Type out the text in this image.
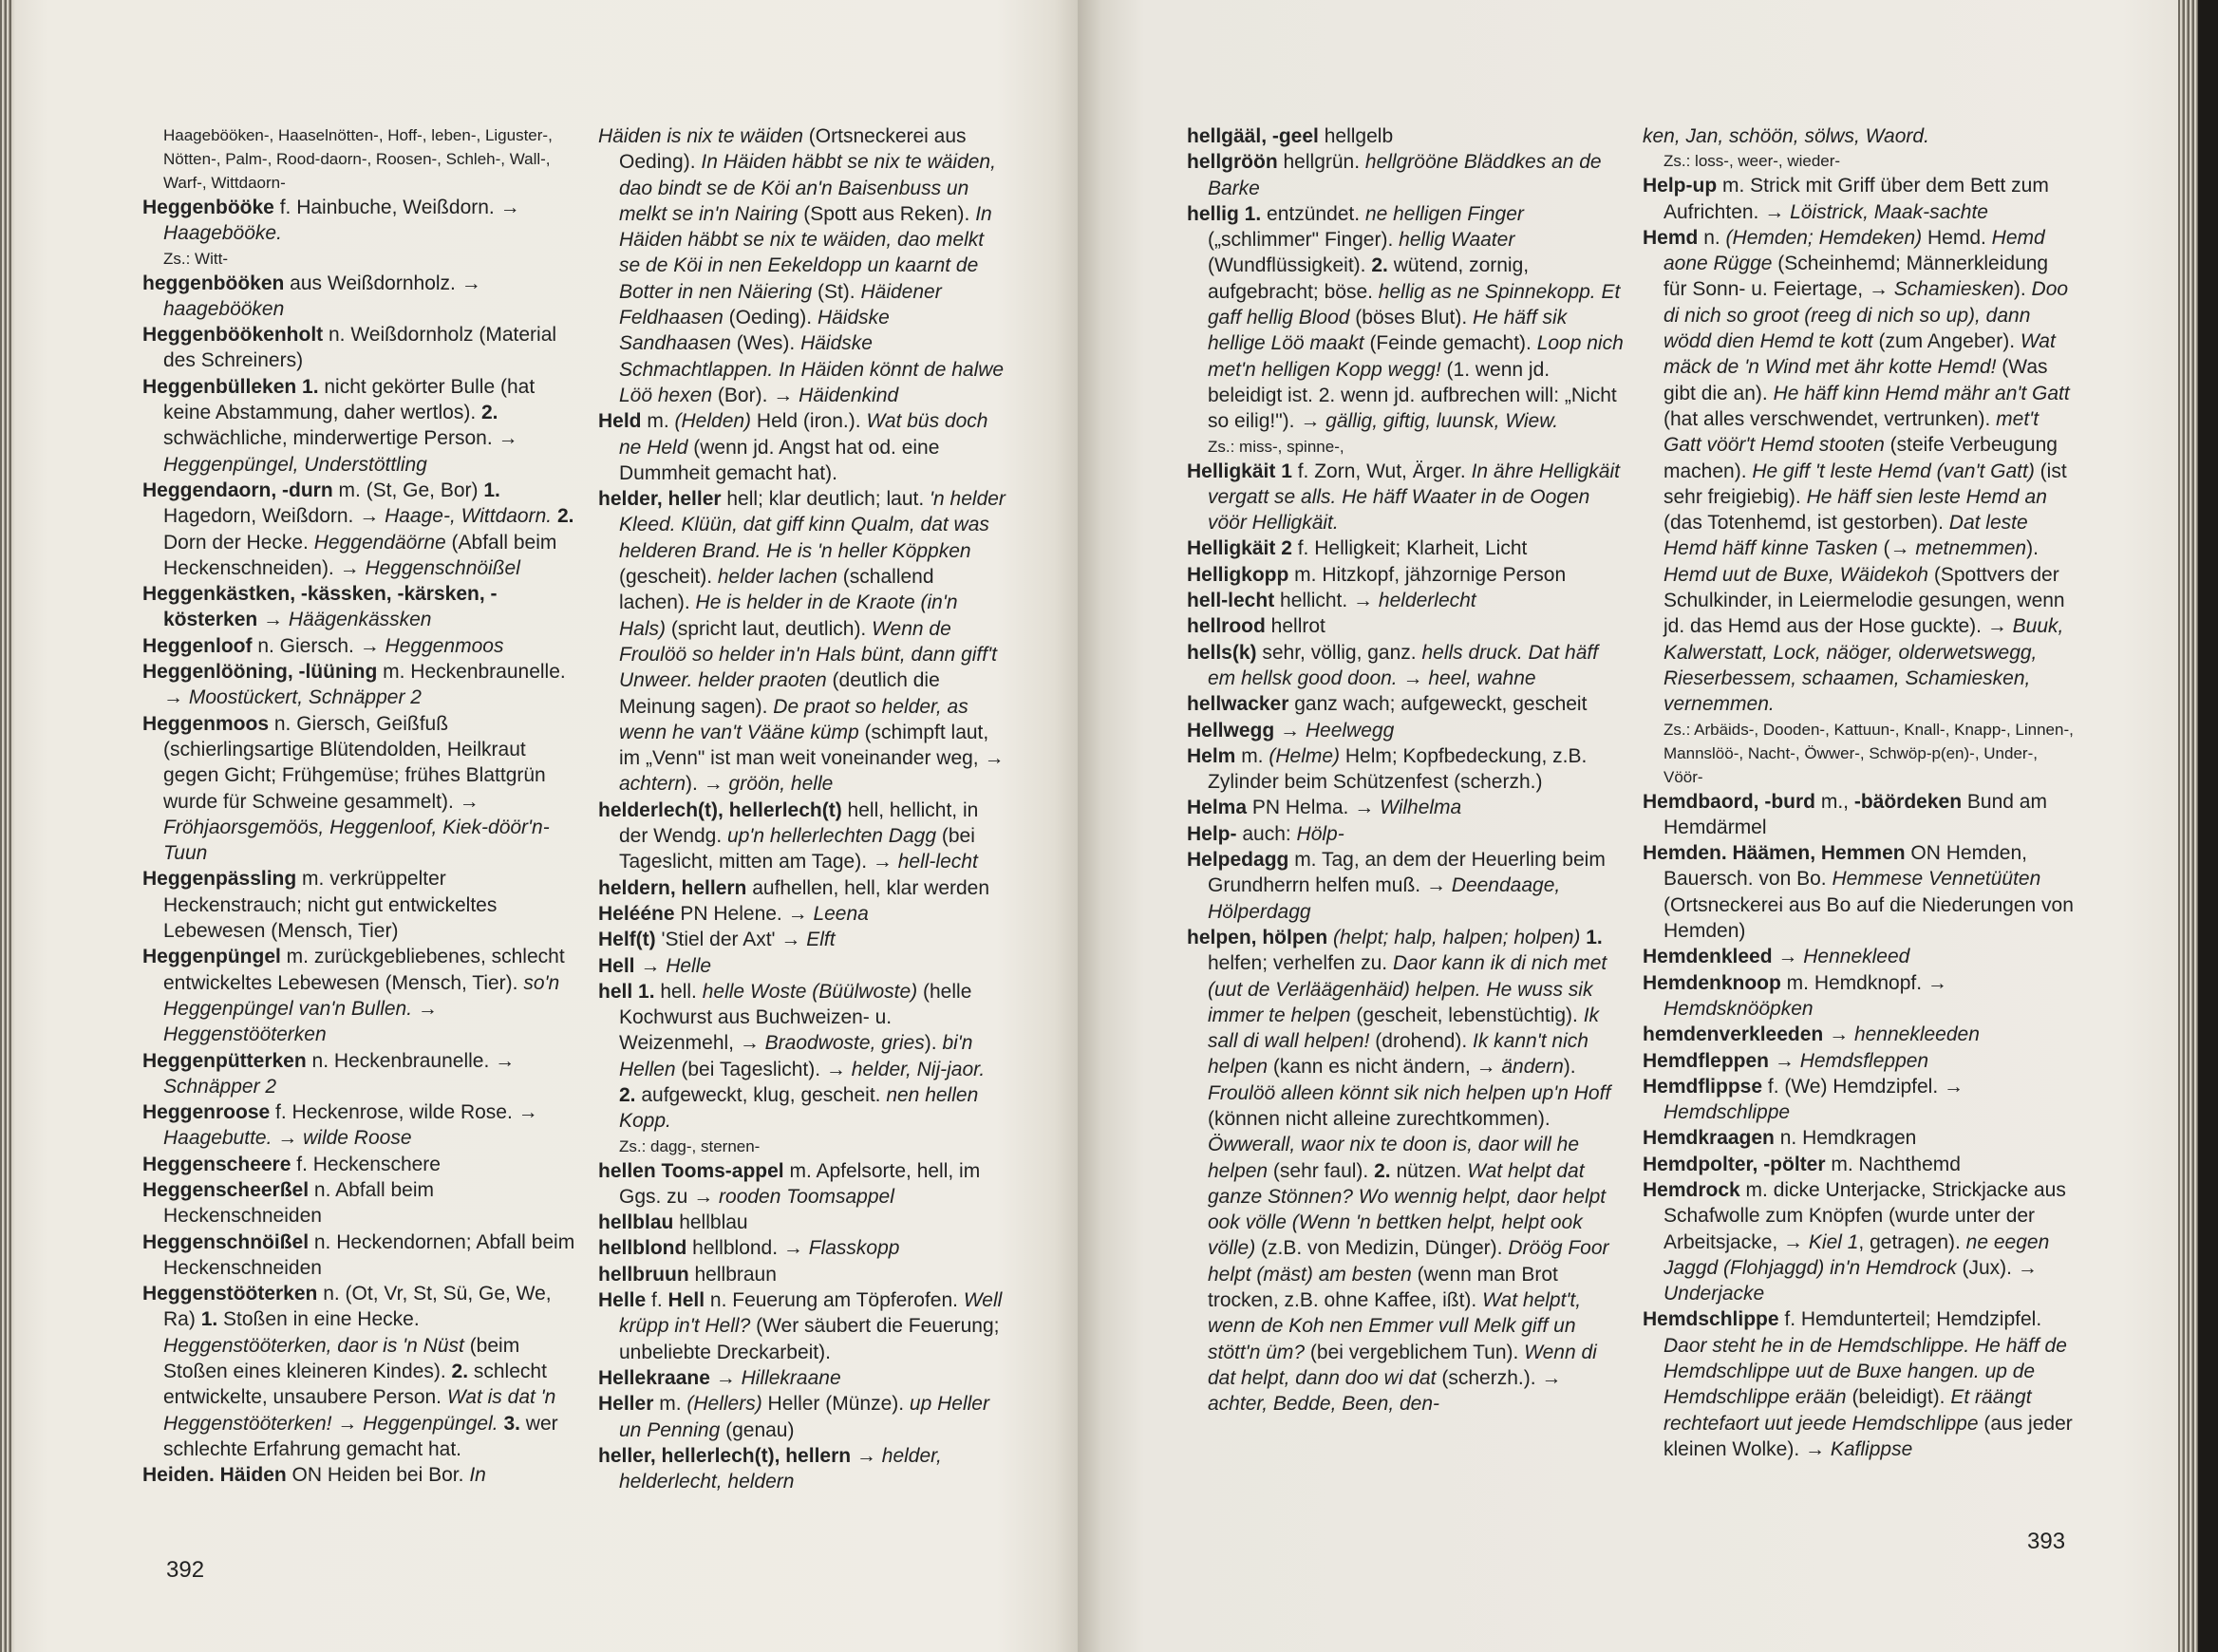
Haagebööken-, Haaselnötten-, Hoff-, leben-, Liguster-, Nötten-, Palm-, Rood-daorn-, Roosen-, Schleh-, Wall-, Warf-, Wittdaorn-

Heggenbööke f. Hainbuche, Weißdorn. → Haagebööke.

Zs.: Witt-

heggenbööken aus Weißdornholz. → haagebööken

Heggenböökenholt n. Weißdornholz (Material des Schreiners)

Heggenbülleken 1. nicht gekörter Bulle (hat keine Abstammung, daher wertlos). 2. schwächliche, minderwertige Person. → Heggenpüngel, Understöttling

Heggendaorn, -durn m. (St, Ge, Bor) 1. Hagedorn, Weißdorn. → Haage-, Wittdaorn. 2. Dorn der Hecke. Heggendäörne (Abfall beim Heckenschneiden). → Heggenschnöißel

Heggenkästken, -kässken, -kärsken, -kösterken → Häägenkässken

Heggenloof n. Giersch. → Heggenmoos

Heggenlööning, -lüüning m. Heckenbraunelle. → Moostückert, Schnäpper 2

Heggenmoos n. Giersch, Geißfuß (schierlingsartige Blütendolden, Heilkraut gegen Gicht; Frühgemüse; frühes Blattgrün wurde für Schweine gesammelt). → Fröhjaorsgemöös, Heggenloof, Kiek-döör'n-Tuun

Heggenpässling m. verkrüppelter Heckenstrauch; nicht gut entwickeltes Lebewesen (Mensch, Tier)

Heggenpüngel m. zurückgebliebenes, schlecht entwickeltes Lebewesen (Mensch, Tier). so'n Heggenpüngel van'n Bullen. → Heggenstööterken

Heggenpütterken n. Heckenbraunelle. → Schnäpper 2

Heggenroose f. Heckenrose, wilde Rose. → Haagebutte. → wilde Roose

Heggenscheere f. Heckenschere

Heggenscheerßel n. Abfall beim Heckenschneiden

Heggenschnöißel n. Heckendornen; Abfall beim Heckenschneiden

Heggenstööterken n. (Ot, Vr, St, Sü, Ge, We, Ra) 1. Stoßen in eine Hecke. Heggenstööterken, daor is 'n Nüst (beim Stoßen eines kleineren Kindes). 2. schlecht entwickelte, unsaubere Person. Wat is dat 'n Heggenstööterken! → Heggenpüngel. 3. wer schlechte Erfahrung gemacht hat.

Heiden. Häiden ON Heiden bei Bor. In

Häiden is nix te wäiden (Ortsneckerei aus Oeding). In Häiden häbbt se nix te wäiden, dao bindt se de Köi an'n Baisenbuss un melkt se in'n Nairing (Spott aus Reken). In Häiden häbbt se nix te wäiden, dao melkt se de Köi in nen Eekeldopp un kaarnt de Botter in nen Näiering (St). Häidener Feldhaasen (Oeding). Häidske Sandhaasen (Wes). Häidske Schmachtlappen. In Häiden könnt de halwe Löö hexen (Bor). → Häidenkind

Held m. (Helden) Held (iron.). Wat büs doch ne Held (wenn jd. Angst hat od. eine Dummheit gemacht hat).

helder, heller hell; klar deutlich; laut. 'n helder Kleed. Klüün, dat giff kinn Qualm, dat was helderen Brand. He is 'n heller Köppken (gescheit). helder lachen (schallend lachen). He is helder in de Kraote (in'n Hals) (spricht laut, deutlich). Wenn de Froulöö so helder in'n Hals bünt, dann giff't Unweer. helder praoten (deutlich die Meinung sagen). De praot so helder, as wenn he van't Vääne kümp (schimpft laut, im „Venn" ist man weit voneinander weg, → achtern). → gröön, helle

helderlech(t), hellerlech(t) hell, hellicht, in der Wendg. up'n hellerlechten Dagg (bei Tageslicht, mitten am Tage). → hell-lecht

heldern, hellern aufhellen, hell, klar werden

Helééne PN Helene. → Leena

Helf(t) 'Stiel der Axt' → Elft

Hell → Helle

hell 1. hell. helle Woste (Büülwoste) (helle Kochwurst aus Buchweizen- u. Weizenmehl, → Braodwoste, gries). bi'n Hellen (bei Tageslicht). → helder, Nij-jaor. 2. aufgeweckt, klug, gescheit. nen hellen Kopp.

Zs.: dagg-, sternen-

hellen Tooms-appel m. Apfelsorte, hell, im Ggs. zu → rooden Toomsappel

hellblau hellblau

hellblond hellblond. → Flasskopp

hellbruun hellbraun

Helle f. Hell n. Feuerung am Töpferofen. Well krüpp in't Hell? (Wer säubert die Feuerung; unbeliebte Dreckarbeit).

Hellekraane → Hillekraane

Heller m. (Hellers) Heller (Münze). up Heller un Penning (genau)

heller, hellerlech(t), hellern → helder, helderlecht, heldern

392

hellgääl, -geel hellgelb

hellgröön hellgrün. hellgrööne Bläddkes an de Barke

hellig 1. entzündet. ne helligen Finger („schlimmer" Finger). hellig Waater (Wundflüssigkeit). 2. wütend, zornig, aufgebracht; böse. hellig as ne Spinnekopp. Et gaff hellig Blood (böses Blut). He häff sik hellige Löö maakt (Feinde gemacht). Loop nich met'n helligen Kopp wegg! (1. wenn jd. beleidigt ist. 2. wenn jd. aufbrechen will: „Nicht so eilig!"). → gällig, giftig, luunsk, Wiew.

Zs.: miss-, spinne-,

Helligkäit 1 f. Zorn, Wut, Ärger. In ähre Helligkäit vergatt se alls. He häff Waater in de Oogen vöör Helligkäit.

Helligkäit 2 f. Helligkeit; Klarheit, Licht

Helligkopp m. Hitzkopf, jähzornige Person

hell-lecht hellicht. → helderlecht

hellrood hellrot

hells(k) sehr, völlig, ganz. hells druck. Dat häff em hellsk good doon. → heel, wahne

hellwacker ganz wach; aufgeweckt, gescheit

Hellwegg → Heelwegg

Helm m. (Helme) Helm; Kopfbedeckung, z.B. Zylinder beim Schützenfest (scherzh.)

Helma PN Helma. → Wilhelma

Help- auch: Hölp-

Helpedagg m. Tag, an dem der Heuerling beim Grundherrn helfen muß. → Deendaage, Hölperdagg

helpen, hölpen (helpt; halp, halpen; holpen) 1. helfen; verhelfen zu. Daor kann ik di nich met (uut de Verläägenhäid) helpen. He wuss sik immer te helpen (gescheit, lebenstüchtig). Ik sall di wall helpen! (drohend). Ik kann't nich helpen (kann es nicht ändern, → ändern). Froulöö alleen könnt sik nich helpen up'n Hoff (können nicht alleine zurechtkommen). Öwwerall, waor nix te doon is, daor will he helpen (sehr faul). 2. nützen. Wat helpt dat ganze Stönnen? Wo wennig helpt, daor helpt ook völle (Wenn 'n bettken helpt, helpt ook völle) (z.B. von Medizin, Dünger). Dröög Foor helpt (mäst) am besten (wenn man Brot trocken, z.B. ohne Kaffee, ißt). Wat helpt't, wenn de Koh nen Emmer vull Melk giff un stött'n üm? (bei vergeblichem Tun). Wenn di dat helpt, dann doo wi dat (scherzh.). → achter, Bedde, Been, den-

ken, Jan, schöön, sölws, Waord.

Zs.: loss-, weer-, wieder-

Help-up m. Strick mit Griff über dem Bett zum Aufrichten. → Löistrick, Maak-sachte

Hemd n. (Hemden; Hemdeken) Hemd. Hemd aone Rügge (Scheinhemd; Männerkleidung für Sonn- u. Feiertage, → Schamiesken). Doo di nich so groot (reeg di nich so up), dann wödd dien Hemd te kott (zum Angeber). Wat mäck de 'n Wind met ähr kotte Hemd! (Was gibt die an). He häff kinn Hemd mähr an't Gatt (hat alles verschwendet, vertrunken). met't Gatt vöör't Hemd stooten (steife Verbeugung machen). He giff 't leste Hemd (van't Gatt) (ist sehr freigiebig). He häff sien leste Hemd an (das Totenhemd, ist gestorben). Dat leste Hemd häff kinne Tasken (→ metnemmen). Hemd uut de Buxe, Wäidekoh (Spottvers der Schulkinder, in Leiermelodie gesungen, wenn jd. das Hemd aus der Hose guckte). → Buuk, Kalwerstatt, Lock, näöger, olderwetswegg, Rieserbessem, schaamen, Schamiesken, vernemmen.

Zs.: Arbäids-, Dooden-, Kattuun-, Knall-, Knapp-, Linnen-, Mannslöö-, Nacht-, Öwwer-, Schwöp-p(en)-, Under-, Vöör-

Hemdbaord, -burd m., -bäördeken Bund am Hemdärmel

Hemden. Häämen, Hemmen ON Hemden, Bauersch. von Bo. Hemmese Vennetüüten (Ortsneckerei aus Bo auf die Niederungen von Hemden)

Hemdenkleed → Hennekleed

Hemdenknoop m. Hemdknopf. → Hemdsknööpken

hemdenverkleeden → hennekleeden

Hemdfleppen → Hemdsfleppen

Hemdflippse f. (We) Hemdzipfel. → Hemdschlippe

Hemdkraagen n. Hemdkragen

Hemdpolter, -pölter m. Nachthemd

Hemdrock m. dicke Unterjacke, Strickjacke aus Schafwolle zum Knöpfen (wurde unter der Arbeitsjacke, → Kiel 1, getragen). ne eegen Jaggd (Flohjaggd) in'n Hemdrock (Jux). → Underjacke

Hemdschlippe f. Hemdunterteil; Hemdzipfel. Daor steht he in de Hemdschlippe. He häff de Hemdschlippe uut de Buxe hangen. up de Hemdschlippe erään (beleidigt). Et räängt rechtefaort uut jeede Hemdschlippe (aus jeder kleinen Wolke). → Kaflippse

393
